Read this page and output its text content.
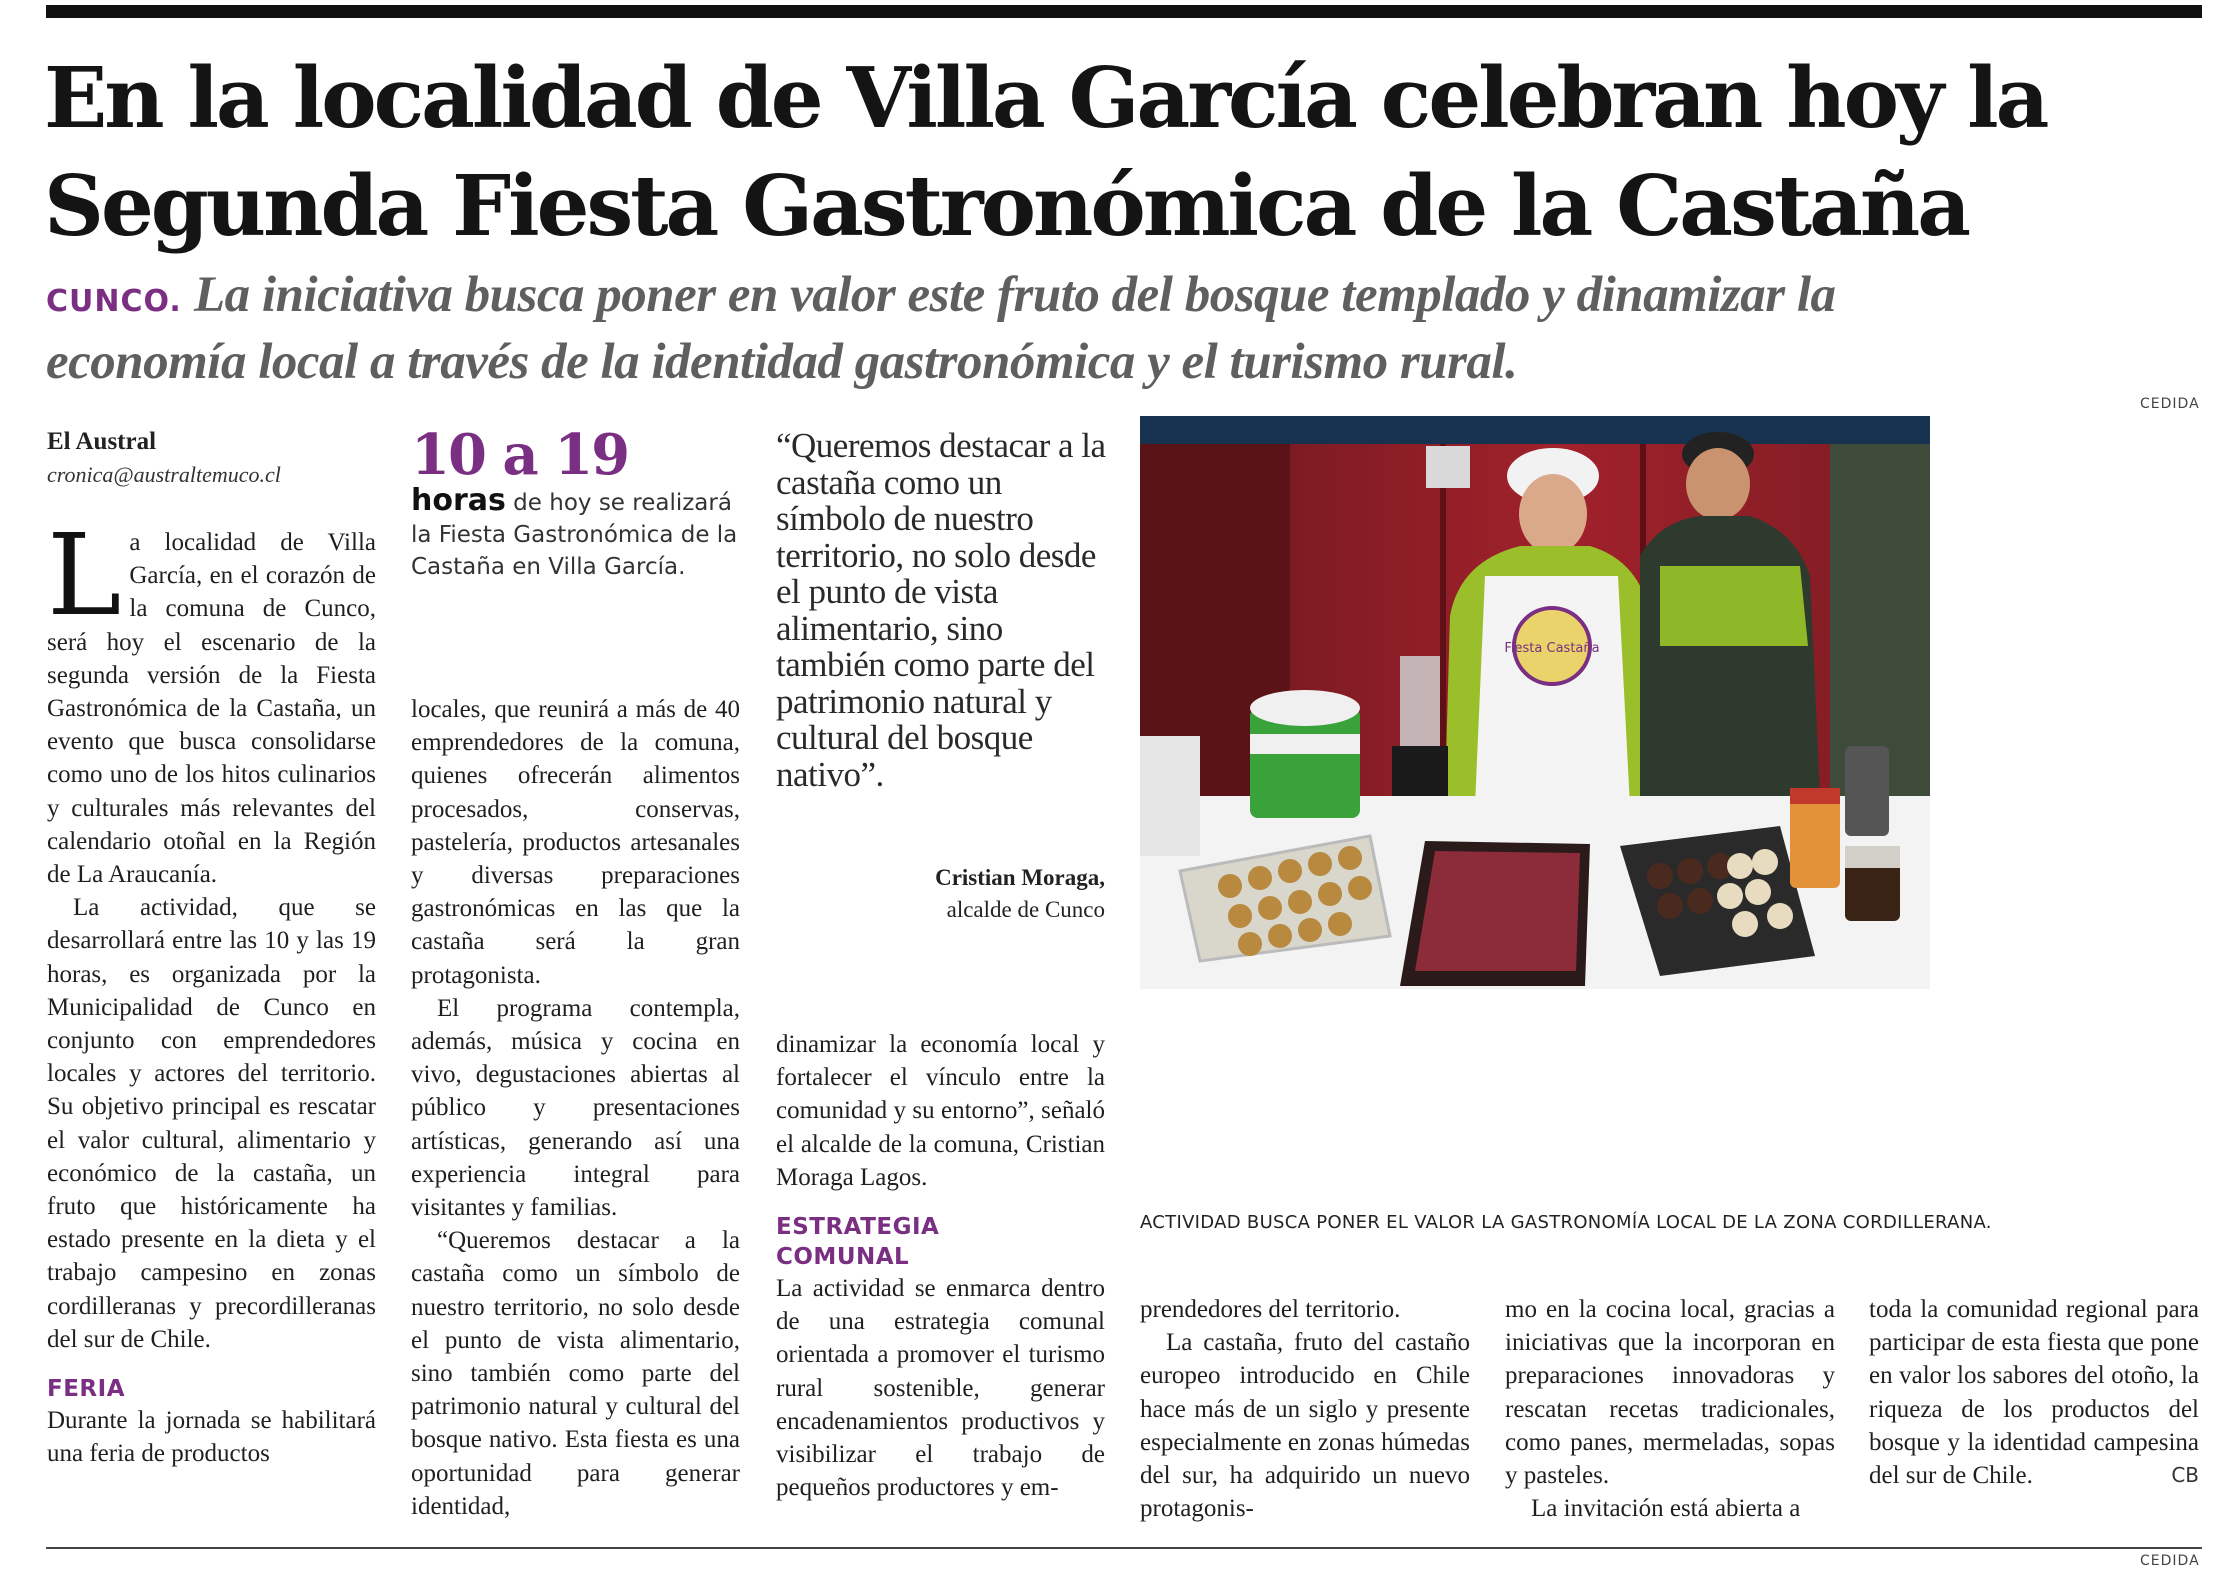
En la localidad de Villa García celebran hoy la
Segunda Fiesta Gastronómica de la Castaña
CUNCO. La iniciativa busca poner en valor este fruto del bosque templado y dinamizar la
economía local a través de la identidad gastronómica y el turismo rural.
CEDIDA
El Austral
cronica@australtemuco.cl

La localidad de Villa García, en el corazón de la comuna de Cunco, será hoy el escenario de la segunda versión de la Fiesta Gastronómica de la Castaña, un evento que busca consolidarse como uno de los hitos culinarios y culturales más relevantes del calendario otoñal en la Región de La Araucanía.

La actividad, que se desarrollará entre las 10 y las 19 horas, es organizada por la Municipalidad de Cunco en conjunto con emprendedores locales y actores del territorio. Su objetivo principal es rescatar el valor cultural, alimentario y económico de la castaña, un fruto que históricamente ha estado presente en la dieta y el trabajo campesino en zonas cordilleranas y precordilleranas del sur de Chile.

FERIA

Durante la jornada se habilitará una feria de productos

10 a 19
horas de hoy se realizará la Fiesta Gastronómica de la Castaña en Villa García.

locales, que reunirá a más de 40 emprendedores de la comuna, quienes ofrecerán alimentos procesados, conservas, pastelería, productos artesanales y diversas preparaciones gastronómicas en las que la castaña será la gran protagonista.

El programa contempla, además, música y cocina en vivo, degustaciones abiertas al público y presentaciones artísticas, generando así una experiencia integral para visitantes y familias.

“Queremos destacar a la castaña como un símbolo de nuestro territorio, no solo desde el punto de vista alimentario, sino también como parte del patrimonio natural y cultural del bosque nativo. Esta fiesta es una oportunidad para generar identidad,

“Queremos destacar a la castaña como un símbolo de nuestro territorio, no solo desde el punto de vista alimentario, sino también como parte del patrimonio natural y cultural del bosque nativo”.
Cristian Moraga,
alcalde de Cunco

dinamizar la economía local y fortalecer el vínculo entre la comunidad y su entorno”, señaló el alcalde de la comuna, Cristian Moraga Lagos.

ESTRATEGIA
COMUNAL

La actividad se enmarca dentro de una estrategia comunal orientada a promover el turismo rural sostenible, generar encadenamientos productivos y visibilizar el trabajo de pequeños productores y em-

Fiesta Castaña
ACTIVIDAD BUSCA PONER EL VALOR LA GASTRONOMÍA LOCAL DE LA ZONA CORDILLERANA.

prendedores del territorio.

La castaña, fruto del castaño europeo introducido en Chile hace más de un siglo y presente especialmente en zonas húmedas del sur, ha adquirido un nuevo protagonis-

mo en la cocina local, gracias a iniciativas que la incorporan en preparaciones innovadoras y rescatan recetas tradicionales, como panes, mermeladas, sopas y pasteles.

La invitación está abierta a

toda la comunidad regional para participar de esta fiesta que pone en valor los sabores del otoño, la riqueza de los productos del bosque y la identidad campesina del sur de Chile.	CB

CEDIDA
